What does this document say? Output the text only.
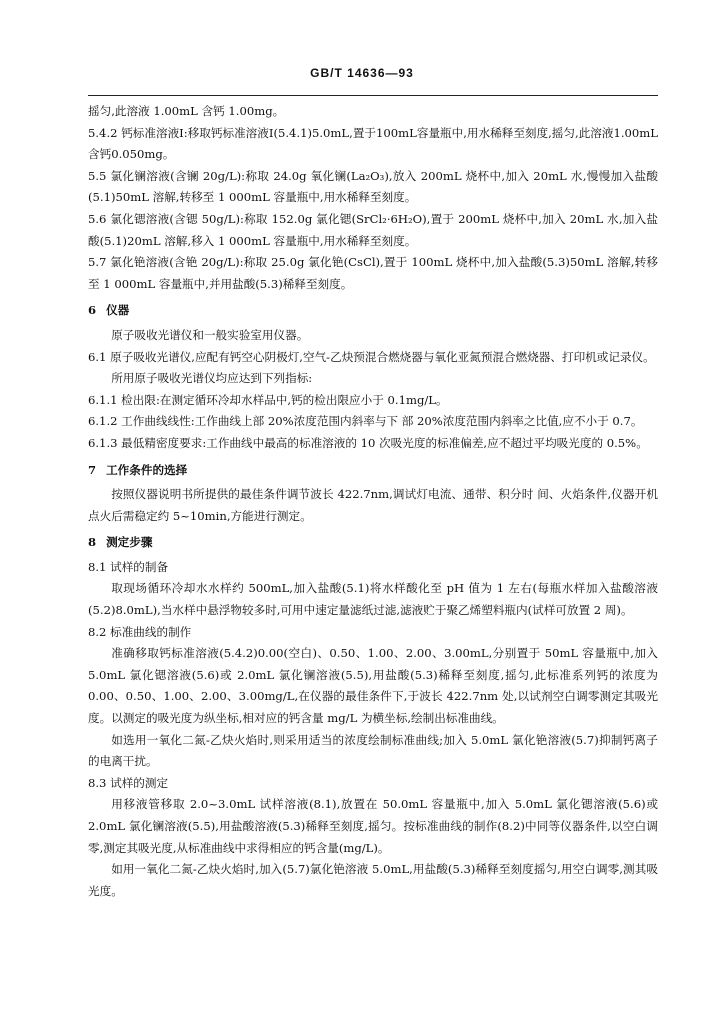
GB/T 14636—93

摇匀,此溶液 1.00mL 含钙 1.00mg。

5.4.2 钙标准溶液Ⅰ:移取钙标准溶液Ⅰ(5.4.1)5.0mL,置于100mL容量瓶中,用水稀释至刻度,摇匀,此溶液1.00mL含钙0.050mg。

5.5 氯化镧溶液(含镧 20g/L):称取 24.0g 氧化镧(La₂O₃),放入 200mL 烧杯中,加入 20mL 水,慢慢加入盐酸(5.1)50mL 溶解,转移至 1 000mL 容量瓶中,用水稀释至刻度。

5.6 氯化锶溶液(含锶 50g/L):称取 152.0g 氯化锶(SrCl₂·6H₂O),置于 200mL 烧杯中,加入 20mL 水,加入盐酸(5.1)20mL 溶解,移入 1 000mL 容量瓶中,用水稀释至刻度。

5.7 氯化铯溶液(含铯 20g/L):称取 25.0g 氯化铯(CsCl),置于 100mL 烧杯中,加入盐酸(5.3)50mL 溶解,转移至 1 000mL 容量瓶中,并用盐酸(5.3)稀释至刻度。

6 仪器

原子吸收光谱仪和一般实验室用仪器。

6.1 原子吸收光谱仪,应配有钙空心阴极灯,空气-乙炔预混合燃烧器与氧化亚氮预混合燃烧器、打印机或记录仪。

所用原子吸收光谱仪均应达到下列指标:

6.1.1 检出限:在测定循环冷却水样品中,钙的检出限应小于 0.1mg/L。

6.1.2 工作曲线线性:工作曲线上部 20%浓度范围内斜率与下 部 20%浓度范围内斜率之比值,应不小于 0.7。

6.1.3 最低精密度要求:工作曲线中最高的标准溶液的 10 次吸光度的标准偏差,应不超过平均吸光度的 0.5%。

7 工作条件的选择

按照仪器说明书所提供的最佳条件调节波长 422.7nm,调试灯电流、通带、积分时 间、火焰条件,仪器开机点火后需稳定约 5~10min,方能进行测定。

8 测定步骤

8.1 试样的制备

取现场循环冷却水水样约 500mL,加入盐酸(5.1)将水样酸化至 pH 值为 1 左右(每瓶水样加入盐酸溶液(5.2)8.0mL),当水样中悬浮物较多时,可用中速定量滤纸过滤,滤液贮于聚乙烯塑料瓶内(试样可放置 2 周)。

8.2 标准曲线的制作

准确移取钙标准溶液(5.4.2)0.00(空白)、0.50、1.00、2.00、3.00mL,分别置于 50mL 容量瓶中,加入 5.0mL 氯化锶溶液(5.6)或 2.0mL 氯化镧溶液(5.5),用盐酸(5.3)稀释至刻度,摇匀,此标准系列钙的浓度为 0.00、0.50、1.00、2.00、3.00mg/L,在仪器的最佳条件下,于波长 422.7nm 处,以试剂空白调零测定其吸光度。以测定的吸光度为纵坐标,相对应的钙含量 mg/L 为横坐标,绘制出标准曲线。

如选用一氧化二氮-乙炔火焰时,则采用适当的浓度绘制标准曲线;加入 5.0mL 氯化铯溶液(5.7)抑制钙离子的电离干扰。

8.3 试样的测定

用移液管移取 2.0~3.0mL 试样溶液(8.1),放置在 50.0mL 容量瓶中,加入 5.0mL 氯化锶溶液(5.6)或 2.0mL 氯化镧溶液(5.5),用盐酸溶液(5.3)稀释至刻度,摇匀。按标准曲线的制作(8.2)中同等仪器条件,以空白调零,测定其吸光度,从标准曲线中求得相应的钙含量(mg/L)。

如用一氧化二氮-乙炔火焰时,加入(5.7)氯化铯溶液 5.0mL,用盐酸(5.3)稀释至刻度摇匀,用空白调零,测其吸光度。
